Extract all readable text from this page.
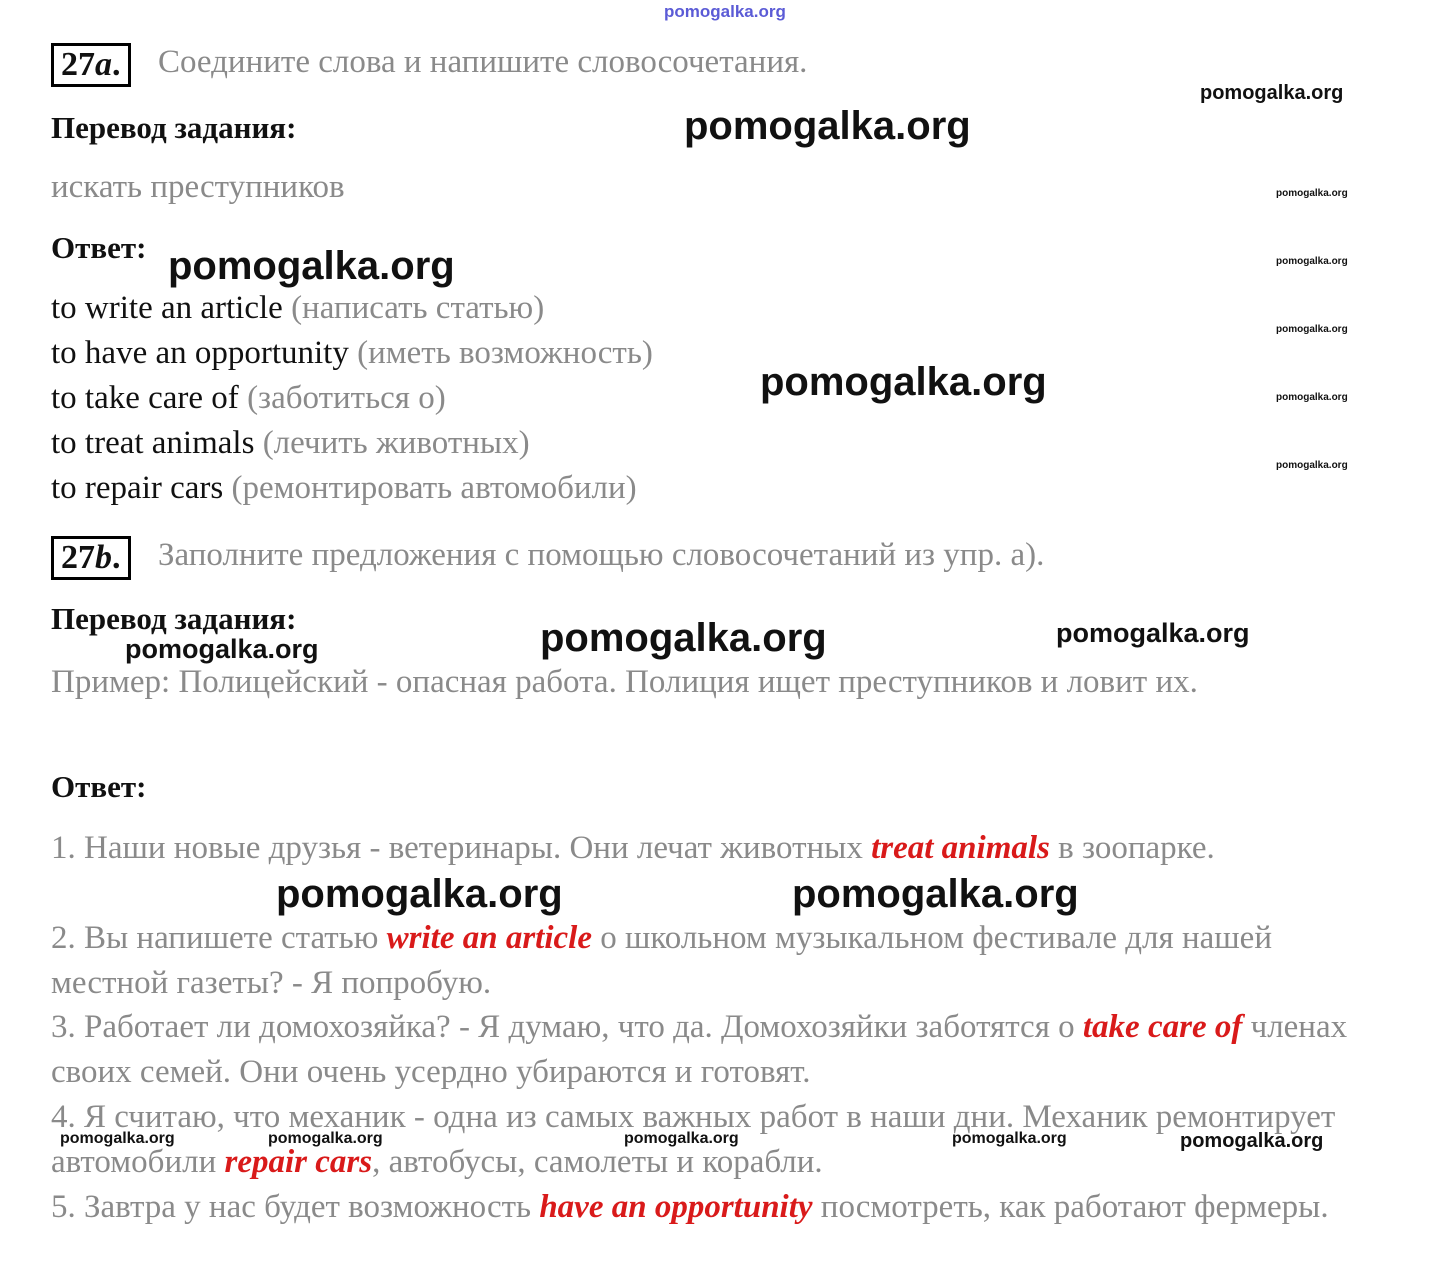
pomogalka.org
27a.	Соедините слова и напишите словосочетания.
Перевод задания:
искать преступников
Ответ:
to write an article (написать статью)
to have an opportunity (иметь возможность)
to take care of (заботиться о)
to treat animals (лечить животных)
to repair cars (ремонтировать автомобили)
27b.	Заполните предложения с помощью словосочетаний из упр. а).
Перевод задания:
Пример: Полицейский - опасная работа. Полиция ищет преступников и ловит их.
Ответ:
1. Наши новые друзья - ветеринары. Они лечат животных treat animals в зоопарке.
2. Вы напишете статью write an article о школьном музыкальном фестивале для нашей местной газеты? - Я попробую.
3. Работает ли домохозяйка? - Я думаю, что да. Домохозяйки заботятся о take care of членах своих семей. Они очень усердно убираются и готовят.
4. Я считаю, что механик - одна из самых важных работ в наши дни. Механик ремонтирует автомобили repair cars, автобусы, самолеты и корабли.
5. Завтра у нас будет возможность have an opportunity посмотреть, как работают фермеры.
pomogalka.org
pomogalka.org
pomogalka.org
pomogalka.org	pomogalka.org
pomogalka.org
pomogalka.org	pomogalka.org
pomogalka.org
pomogalka.org	pomogalka.org
pomogalka.org
pomogalka.org	pomogalka.org
pomogalka.org	pomogalka.org	pomogalka.org	pomogalka.org	pomogalka.org
